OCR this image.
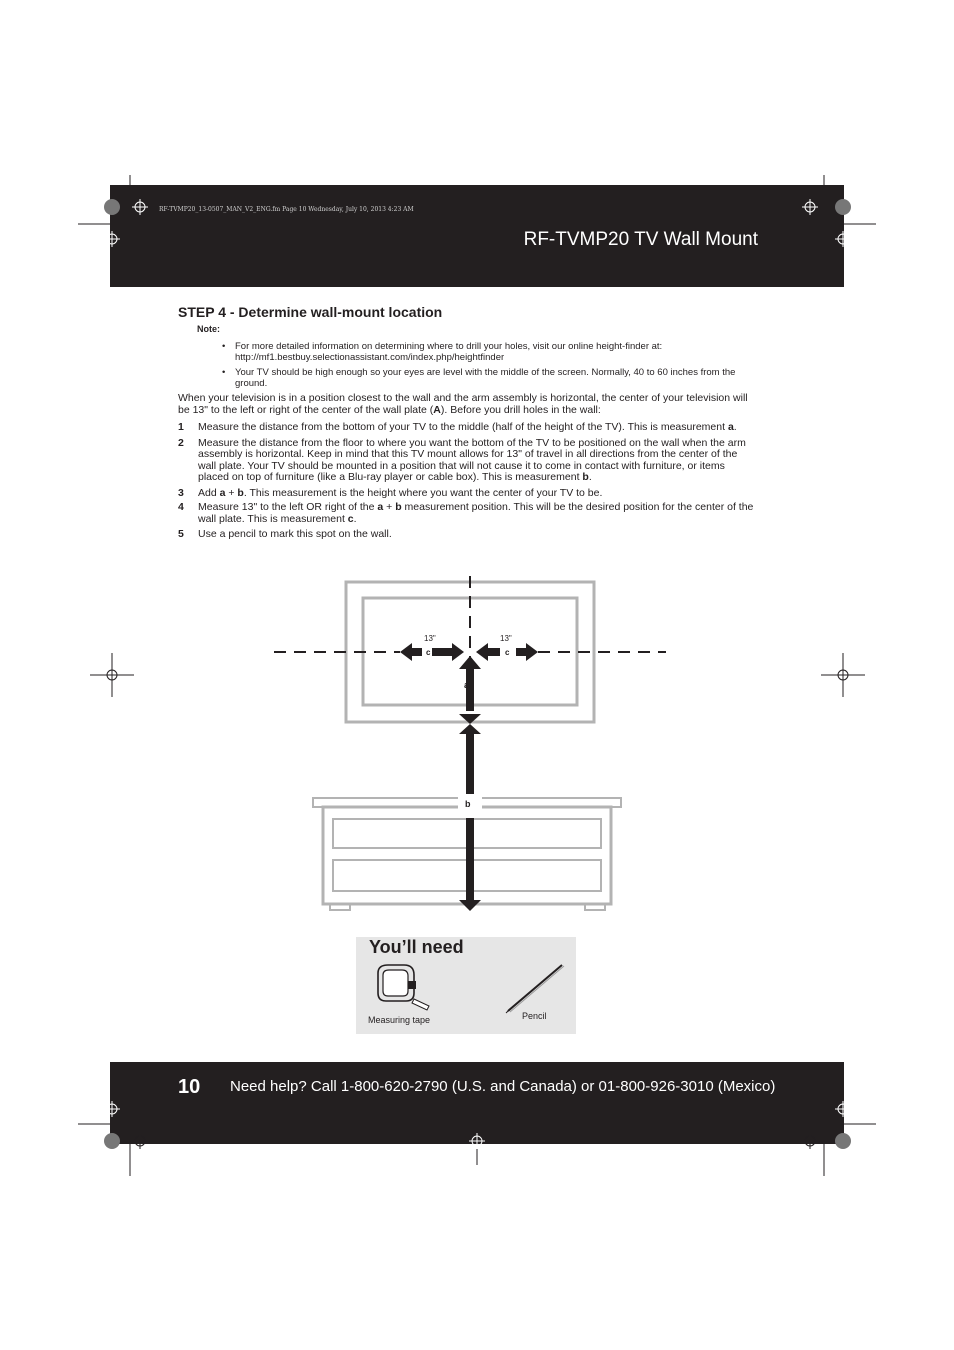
RF-TVMP20_13-0507_MAN_V2_ENG.fm Page 10 Wednesday, July 10, 2013 4:23 AM
RF-TVMP20 TV Wall Mount
STEP 4 - Determine wall-mount location
Note:
• For more detailed information on determining where to drill your holes, visit our online height-finder at: http://mf1.bestbuy.selectionassistant.com/index.php/heightfinder
• Your TV should be high enough so your eyes are level with the middle of the screen. Normally, 40 to 60 inches from the ground.
When your television is in a position closest to the wall and the arm assembly is horizontal, the center of your television will be 13" to the left or right of the center of the wall plate (A). Before you drill holes in the wall:
1 Measure the distance from the bottom of your TV to the middle (half of the height of the TV). This is measurement a.
2 Measure the distance from the floor to where you want the bottom of the TV to be positioned on the wall when the arm assembly is horizontal. Keep in mind that this TV mount allows for 13" of travel in all directions from the center of the wall plate. Your TV should be mounted in a position that will not cause it to come in contact with furniture, or items placed on top of furniture (like a Blu-ray player or cable box). This is measurement b.
3 Add a + b. This measurement is the height where you want the center of your TV to be.
4 Measure 13" to the left OR right of the a + b measurement position. This will be the desired position for the center of the wall plate. This is measurement c.
5 Use a pencil to mark this spot on the wall.
13"	13"
c	c
a
b
You’ll need
Measuring tape	Pencil
10 Need help? Call 1-800-620-2790 (U.S. and Canada) or 01-800-926-3010 (Mexico)
